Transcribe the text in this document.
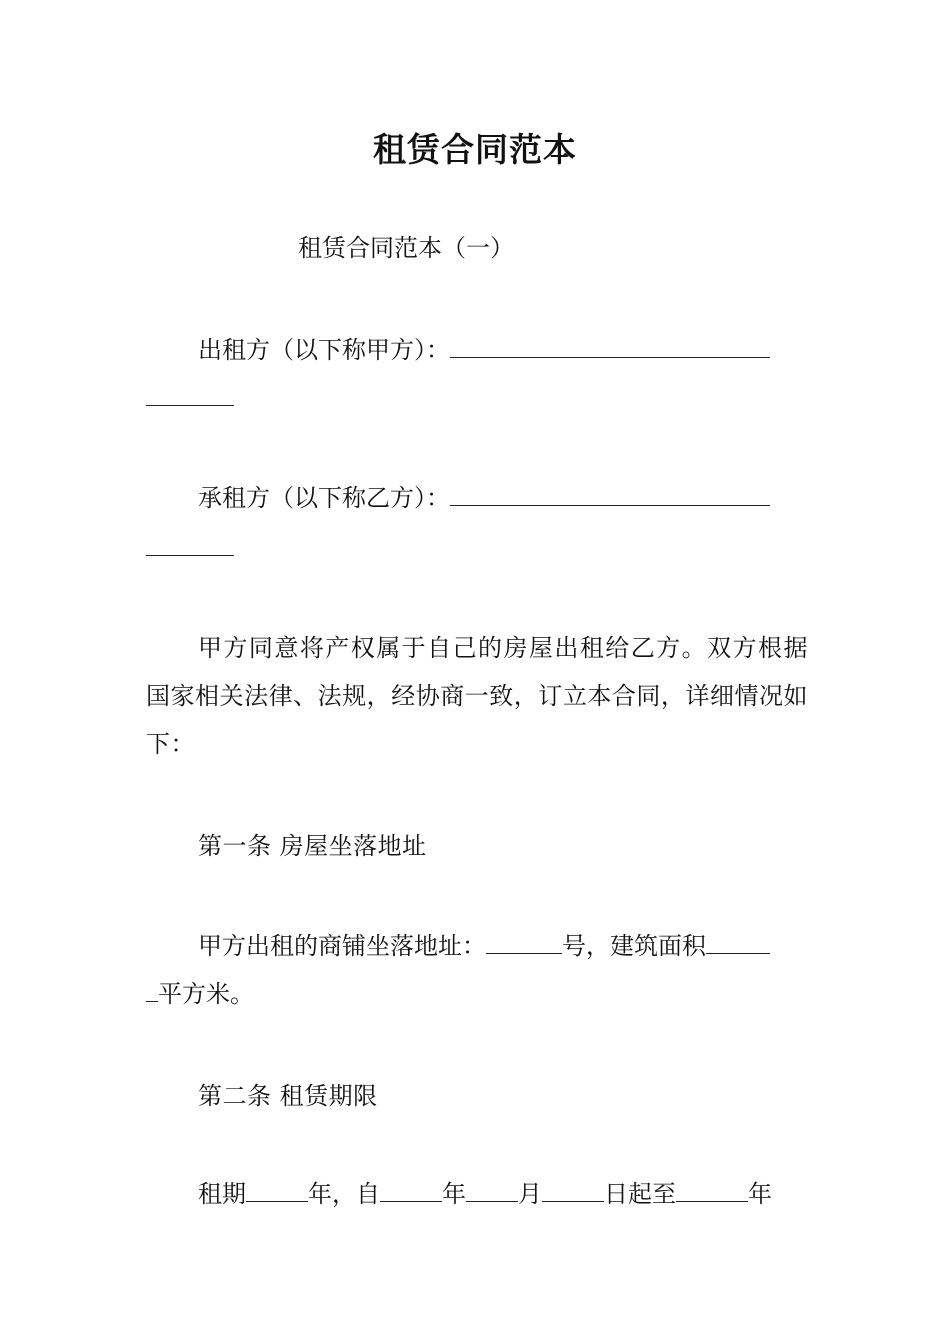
租赁合同范本
租赁合同范本（一）
出租方（以下称甲方）：
承租方（以下称乙方）：
甲方同意将产权属于自己的房屋出租给乙方。双方根据国家相关法律、法规，经协商一致，订立本合同，详细情况如下：
第一条 房屋坐落地址
甲方出租的商铺坐落地址：	号，建筑面积
平方米。
第二条 租赁期限
租期	年，自	年 月	日起至	年
